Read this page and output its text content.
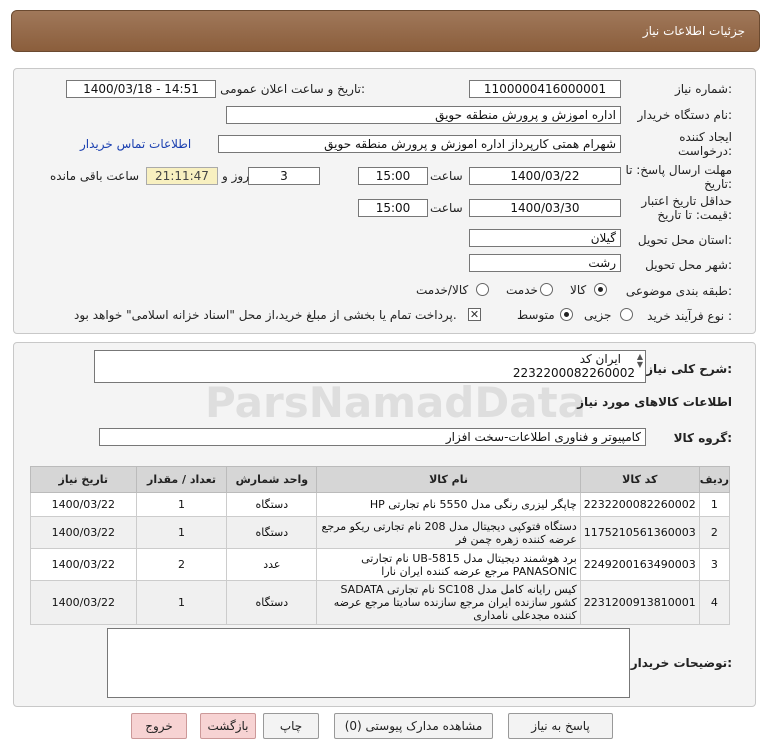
جزئیات اطلاعات نیاز
شماره نیاز:
1100000416000001
تاریخ و ساعت اعلان عمومی:
1400/03/18 - 14:51
نام دستگاه خریدار:
اداره اموزش و پرورش منطقه حویق
ایجاد کننده درخواست:
شهرام همتی کارپرداز اداره اموزش و پرورش منطقه حویق
اطلاعات تماس خریدار
مهلت ارسال پاسخ: تا تاریخ:
1400/03/22
ساعت
15:00
3
روز و
21:11:47
ساعت باقی مانده
حداقل تاریخ اعتبار قیمت: تا تاریخ:
1400/03/30
ساعت
15:00
استان محل تحویل:
گیلان
شهر محل تحویل:
رشت
طبقه بندی موضوعی:
کالا
خدمت
کالا/خدمت
نوع فرآیند خرید :
جزیی
متوسط
✕
پرداخت تمام یا بخشی از مبلغ خرید،از محل "اسناد خزانه اسلامی" خواهد بود.
شرح کلی نیاز:
ایران کد
2232200082260002
▲
▼
اطلاعات کالاهای مورد نیاز
گروه کالا:
کامپیوتر و فناوری اطلاعات-سخت افزار
ردیف	کد کالا	نام کالا	واحد شمارش	تعداد / مقدار	تاریخ نیاز
1	2232200082260002	چاپگر لیزری رنگی مدل 5550 نام تجارتی HP	دستگاه	1	1400/03/22
2	1175210561360003	دستگاه فتوکپی دیجیتال مدل 208 نام تجارتی ریکو مرجع عرضه کننده زهره چمن فر	دستگاه	1	1400/03/22
3	2249200163490003	برد هوشمند دیجیتال مدل UB-5815 نام تجارتی PANASONIC مرجع عرضه کننده ایران نارا	عدد	2	1400/03/22
4	2231200913810001	کیس رایانه کامل مدل SC108 نام تجارتی SADATA کشور سازنده ایران مرجع سازنده سادیتا مرجع عرضه کننده مجدعلی نامداری	دستگاه	1	1400/03/22
توضیحات خریدار:
پاسخ به نیاز
مشاهده مدارک پیوستی (0)
چاپ
بازگشت
خروج
